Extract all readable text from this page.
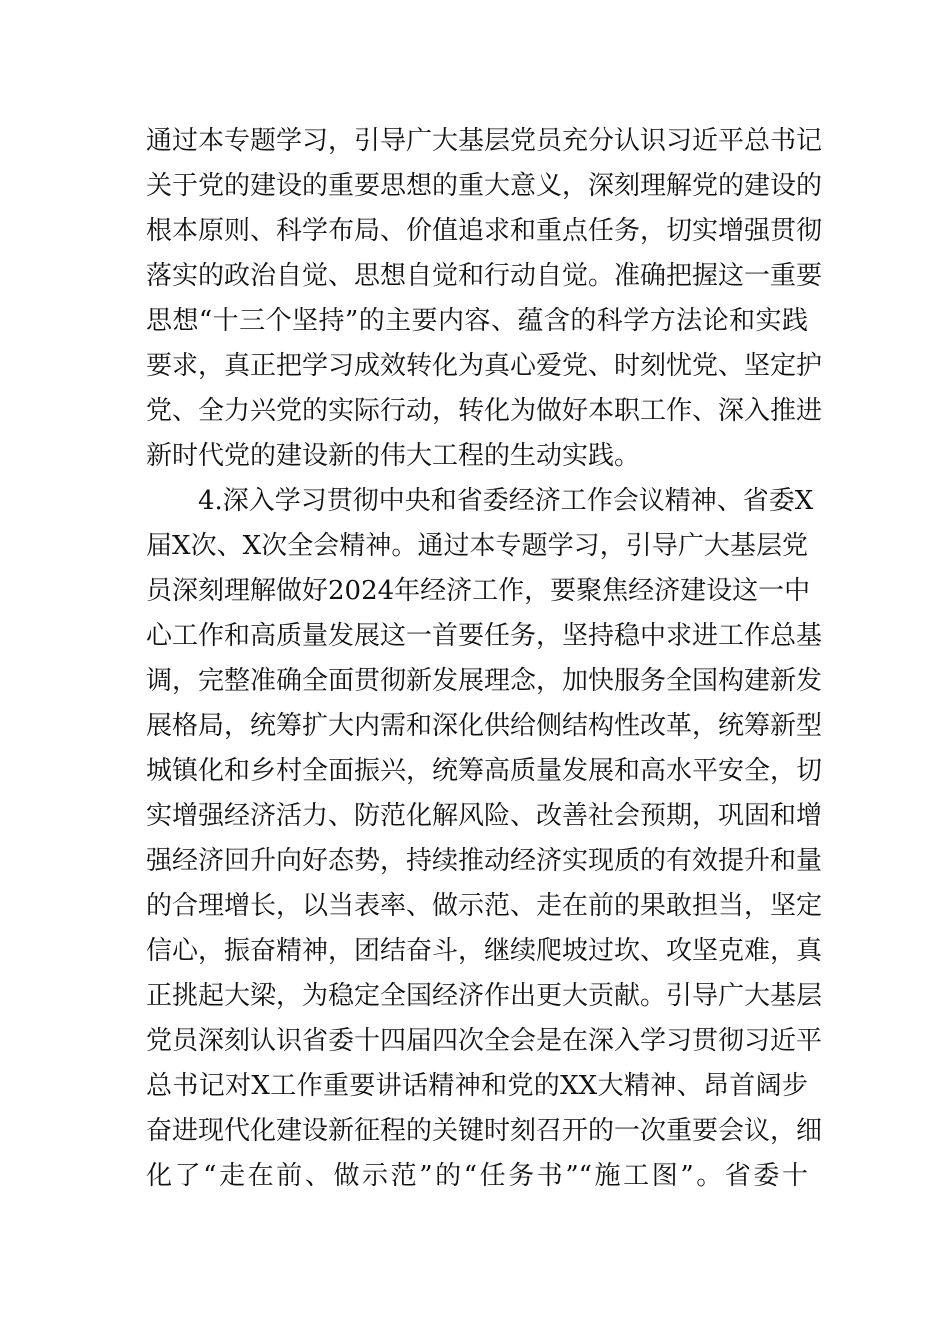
通过本专题学习，引导广大基层党员充分认识习近平总书记
关于党的建设的重要思想的重大意义，深刻理解党的建设的
根本原则、科学布局、价值追求和重点任务，切实增强贯彻
落实的政治自觉、思想自觉和行动自觉。准确把握这一重要
思想“十三个坚持”的主要内容、蕴含的科学方法论和实践
要求，真正把学习成效转化为真心爱党、时刻忧党、坚定护
党、全力兴党的实际行动，转化为做好本职工作、深入推进
新时代党的建设新的伟大工程的生动实践。
4.深入学习贯彻中央和省委经济工作会议精神、省委X
届X次、X次全会精神。通过本专题学习，引导广大基层党
员深刻理解做好2024年经济工作，要聚焦经济建设这一中
心工作和高质量发展这一首要任务，坚持稳中求进工作总基
调，完整准确全面贯彻新发展理念，加快服务全国构建新发
展格局，统筹扩大内需和深化供给侧结构性改革，统筹新型
城镇化和乡村全面振兴，统筹高质量发展和高水平安全，切
实增强经济活力、防范化解风险、改善社会预期，巩固和增
强经济回升向好态势，持续推动经济实现质的有效提升和量
的合理增长，以当表率、做示范、走在前的果敢担当，坚定
信心，振奋精神，团结奋斗，继续爬坡过坎、攻坚克难，真
正挑起大梁，为稳定全国经济作出更大贡献。引导广大基层
党员深刻认识省委十四届四次全会是在深入学习贯彻习近平
总书记对X工作重要讲话精神和党的XX大精神、昂首阔步
奋进现代化建设新征程的关键时刻召开的一次重要会议，细
化了“走在前、做示范”的“任务书”“施工图”。省委十
